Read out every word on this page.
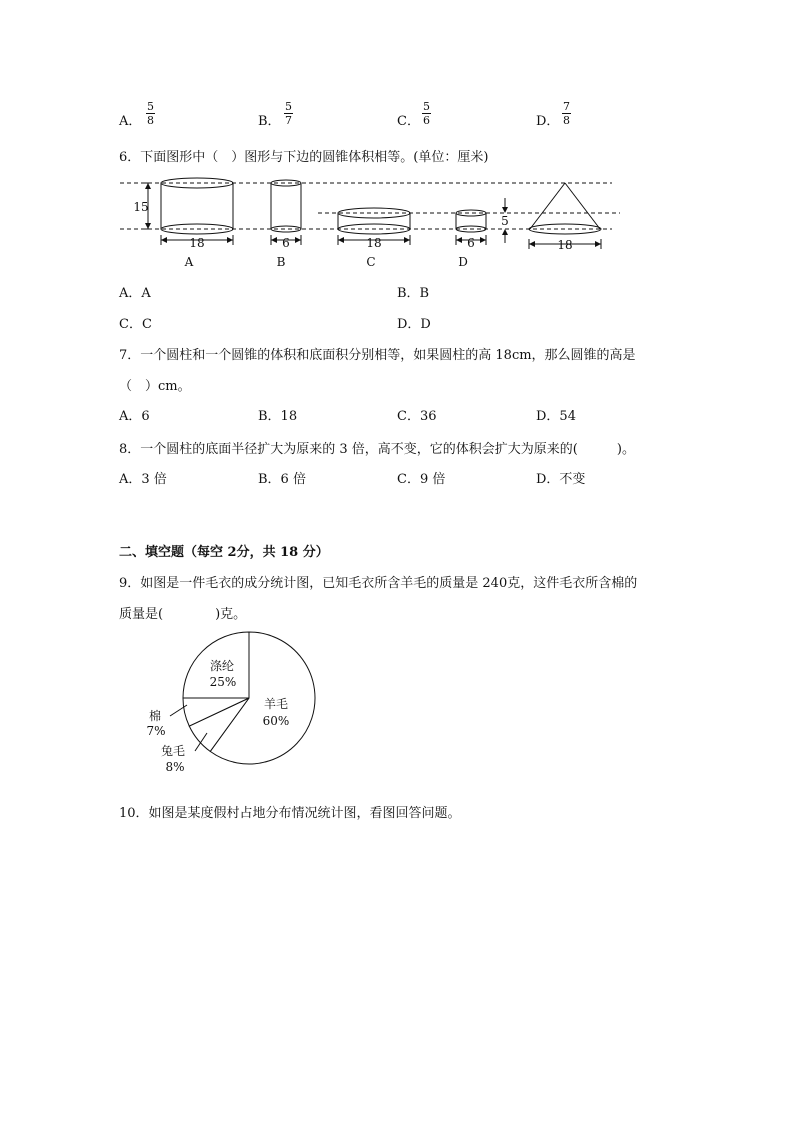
A． $\frac{5}{8}$	B． $\frac{5}{7}$	C． $\frac{5}{6}$	D． $\frac{7}{8}$
6．下面图形中（　）图形与下边的圆锥体积相等。(单位：厘米)
15
18	6	18	6
5
18
A	B	C	D
A．A	B．B
C．C	D．D
7．一个圆柱和一个圆锥的体积和底面积分别相等，如果圆柱的高 18cm，那么圆锥的高是
（　）cm。
A．6	B．18	C．36	D．54
8．一个圆柱的底面半径扩大为原来的 3 倍，高不变，它的体积会扩大为原来的(　　　)。
A．3 倍	B．6 倍	C．9 倍	D．不变
二、填空题（每空 2分，共 18 分）
9．如图是一件毛衣的成分统计图，已知毛衣所含羊毛的质量是 240克，这件毛衣所含棉的
质量是(　　　　)克。
涤纶
25%
羊毛
60%
棉
7%
兔毛
8%
10．如图是某度假村占地分布情况统计图，看图回答问题。
